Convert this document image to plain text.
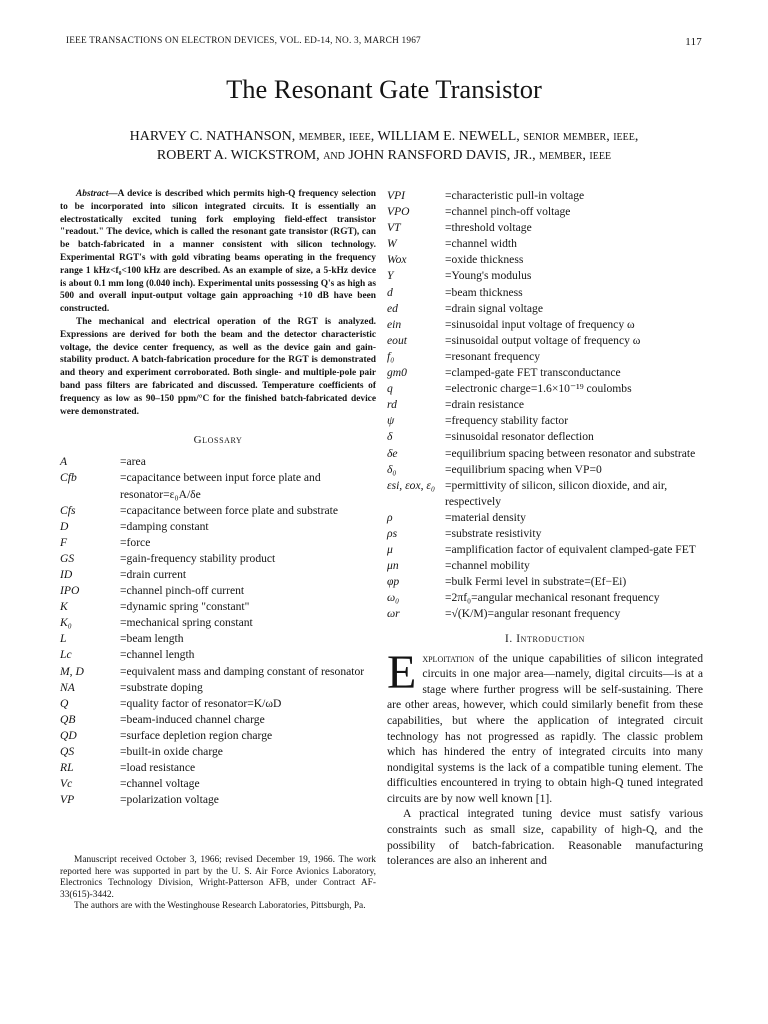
IEEE TRANSACTIONS ON ELECTRON DEVICES, VOL. ED-14, NO. 3, MARCH 1967	117
The Resonant Gate Transistor
HARVEY C. NATHANSON, member, ieee, WILLIAM E. NEWELL, senior member, ieee,
ROBERT A. WICKSTROM, and JOHN RANSFORD DAVIS, JR., member, ieee

Abstract—A device is described which permits high-Q frequency selection to be incorporated into silicon integrated circuits. It is essentially an electrostatically excited tuning fork employing field-effect transistor "readout." The device, which is called the resonant gate transistor (RGT), can be batch-fabricated in a manner consistent with silicon technology. Experimental RGT's with gold vibrating beams operating in the frequency range 1 kHz<f₀<100 kHz are described. As an example of size, a 5-kHz device is about 0.1 mm long (0.040 inch). Experimental units possessing Q's as high as 500 and overall input-output voltage gain approaching +10 dB have been constructed.

The mechanical and electrical operation of the RGT is analyzed. Expressions are derived for both the beam and the detector characteristic voltage, the device center frequency, as well as the device gain and gain-stability product. A batch-fabrication procedure for the RGT is demonstrated and theory and experiment corroborated. Both single- and multiple-pole pair band pass filters are fabricated and discussed. Temperature coefficients of frequency as low as 90–150 ppm/°C for the finished batch-fabricated device were demonstrated.

Glossary
A	=area
Cfb	=capacitance between input force plate and resonator=ε₀A/δe
Cfs	=capacitance between force plate and substrate
D	=damping constant
F	=force
GS	=gain-frequency stability product
ID	=drain current
IPO	=channel pinch-off current
K	=dynamic spring "constant"
K₀	=mechanical spring constant
L	=beam length
Lc	=channel length
M, D	=equivalent mass and damping constant of resonator
NA	=substrate doping
Q	=quality factor of resonator=K/ωD
QB	=beam-induced channel charge
QD	=surface depletion region charge
QS	=built-in oxide charge
RL	=load resistance
Vc	=channel voltage
VP	=polarization voltage

Manuscript received October 3, 1966; revised December 19, 1966. The work reported here was supported in part by the U. S. Air Force Avionics Laboratory, Electronics Technology Division, Wright-Patterson AFB, under Contract AF-33(615)-3442.

The authors are with the Westinghouse Research Laboratories, Pittsburgh, Pa.

VPI	=characteristic pull-in voltage
VPO	=channel pinch-off voltage
VT	=threshold voltage
W	=channel width
Wox	=oxide thickness
Y	=Young's modulus
d	=beam thickness
ed	=drain signal voltage
ein	=sinusoidal input voltage of frequency ω
eout	=sinusoidal output voltage of frequency ω
f₀	=resonant frequency
gm0	=clamped-gate FET transconductance
q	=electronic charge=1.6×10⁻¹⁹ coulombs
rd	=drain resistance
ψ	=frequency stability factor
δ	=sinusoidal resonator deflection
δe	=equilibrium spacing between resonator and substrate
δ₀	=equilibrium spacing when VP=0
εsi, εox, ε₀ =permittivity of silicon, silicon dioxide, and air, respectively
ρ	=material density
ρs	=substrate resistivity
μ	=amplification factor of equivalent clamped-gate FET
μn	=channel mobility
φp	=bulk Fermi level in substrate=(Ef−Ei)
ω₀	=2πf₀=angular mechanical resonant frequency
ωr	=√(K/M)=angular resonant frequency
I. Introduction

Exploitation of the unique capabilities of silicon integrated circuits in one major area—namely, digital circuits—is at a stage where further progress will be self-sustaining. There are other areas, however, which could similarly benefit from these capabilities, but where the application of integrated circuit technology has not progressed as rapidly. The classic problem which has hindered the entry of integrated circuits into many nondigital systems is the lack of a compatible tuning element. The difficulties encountered in trying to obtain high-Q tuned integrated circuits are by now well known [1].

A practical integrated tuning device must satisfy various constraints such as small size, capability of high-Q, and the possibility of batch-fabrication. Reasonable manufacturing tolerances are also an inherent and
